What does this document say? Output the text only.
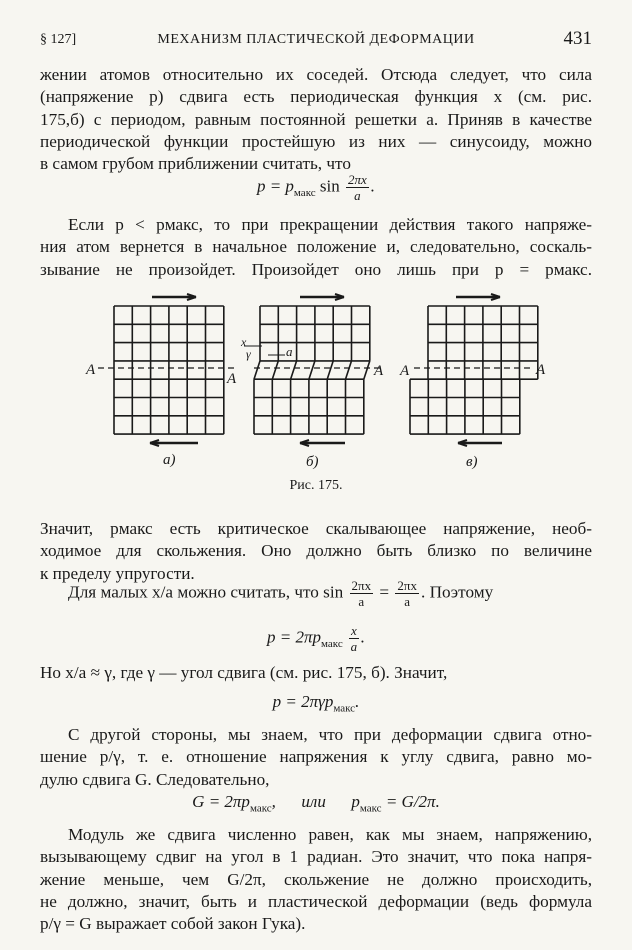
§ 127]	МЕХАНИЗМ ПЛАСТИЧЕСКОЙ ДЕФОРМАЦИИ	431
жении атомов относительно их соседей. Отсюда следует, что сила
(напряжение p) сдвига есть периодическая функция x (см. рис.
175,б) с периодом, равным постоянной решетки a. Приняв в качестве
периодической функции простейшую из них — синусоиду, можно
в самом грубом приближении считать, что
$p = p_{макс}$ $\sin \frac{2\pi x}{a}$ .
Если p < pмакс, то при прекращении действия такого напряже-
ния атом вернется в начальное положение и, следовательно, соскаль-
зывание не произойдет. Произойдет оно лишь при p = pмакс.
A
A	A A	A
x
γ	a
а)	б)	в)
Рис. 175.
Значит, pмакс есть критическое скалывающее напряжение, необ-
ходимое для скольжения. Оно должно быть близко по величине
к пределу упругости.
Для малых x/a можно считать, что $\sin \frac{2\pi x}{a} = \frac{2\pi x}{a}$ . Поэтому
$p = 2\pi p_{макс} \frac{x}{a}$ .
Но x/a ≈ γ, где γ — угол сдвига (см. рис. 175, б). Значит,
p = 2πγp$_{макс}$.
С другой стороны, мы знаем, что при деформации сдвига отно-
шение p/γ, т. е. отношение напряжения к углу сдвига, равно мо-
дулю сдвига G. Следовательно,
$G = 2\pi p_{макс}$,      или      $p_{макс} = G/2\pi$.
Модуль же сдвига численно равен, как мы знаем, напряжению,
вызывающему сдвиг на угол в 1 радиан. Это значит, что пока напря-
жение меньше, чем G/2π, скольжение не должно происходить,
не должно, значит, быть и пластической деформации (ведь формула
p/γ = G выражает собой закон Гука).
